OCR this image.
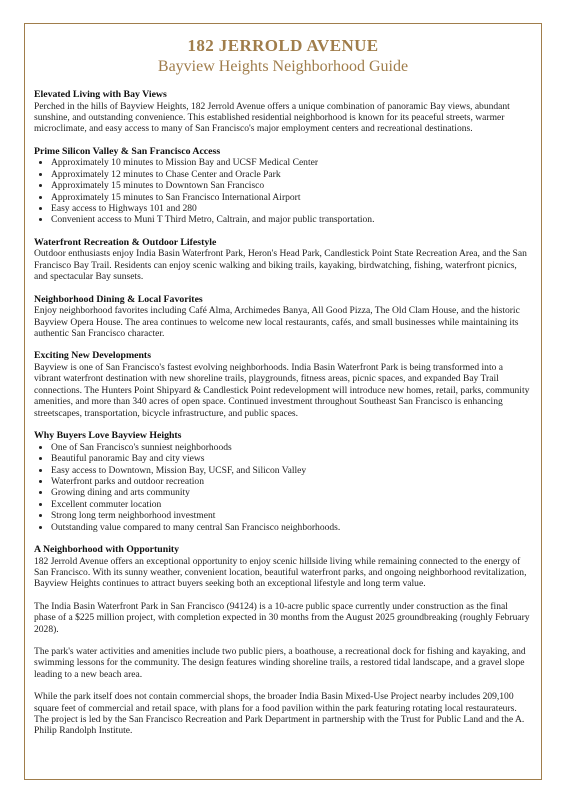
182 JERROLD AVENUE
Bayview Heights Neighborhood Guide
Elevated Living with Bay Views

Perched in the hills of Bayview Heights, 182 Jerrold Avenue offers a unique combination of panoramic Bay views, abundant sunshine, and outstanding convenience. This established residential neighborhood is known for its peaceful streets, warmer microclimate, and easy access to many of San Francisco's major employment centers and recreational destinations.

Prime Silicon Valley & San Francisco Access
• Approximately 10 minutes to Mission Bay and UCSF Medical Center
• Approximately 12 minutes to Chase Center and Oracle Park
• Approximately 15 minutes to Downtown San Francisco
• Approximately 15 minutes to San Francisco International Airport
• Easy access to Highways 101 and 280
• Convenient access to Muni T Third Metro, Caltrain, and major public transportation.
Waterfront Recreation & Outdoor Lifestyle

Outdoor enthusiasts enjoy India Basin Waterfront Park, Heron's Head Park, Candlestick Point State Recreation Area, and the San Francisco Bay Trail. Residents can enjoy scenic walking and biking trails, kayaking, birdwatching, fishing, waterfront picnics, and spectacular Bay sunsets.

Neighborhood Dining & Local Favorites

Enjoy neighborhood favorites including Café Alma, Archimedes Banya, All Good Pizza, The Old Clam House, and the historic Bayview Opera House. The area continues to welcome new local restaurants, cafés, and small businesses while maintaining its authentic San Francisco character.

Exciting New Developments

Bayview is one of San Francisco's fastest evolving neighborhoods. India Basin Waterfront Park is being transformed into a vibrant waterfront destination with new shoreline trails, playgrounds, fitness areas, picnic spaces, and expanded Bay Trail connections. The Hunters Point Shipyard & Candlestick Point redevelopment will introduce new homes, retail, parks, community amenities, and more than 340 acres of open space. Continued investment throughout Southeast San Francisco is enhancing streetscapes, transportation, bicycle infrastructure, and public spaces.

Why Buyers Love Bayview Heights
• One of San Francisco's sunniest neighborhoods
• Beautiful panoramic Bay and city views
• Easy access to Downtown, Mission Bay, UCSF, and Silicon Valley
• Waterfront parks and outdoor recreation
• Growing dining and arts community
• Excellent commuter location
• Strong long term neighborhood investment
• Outstanding value compared to many central San Francisco neighborhoods.
A Neighborhood with Opportunity

182 Jerrold Avenue offers an exceptional opportunity to enjoy scenic hillside living while remaining connected to the energy of San Francisco. With its sunny weather, convenient location, beautiful waterfront parks, and ongoing neighborhood revitalization, Bayview Heights continues to attract buyers seeking both an exceptional lifestyle and long term value.

The India Basin Waterfront Park in San Francisco (94124) is a 10-acre public space currently under construction as the final phase of a $225 million project, with completion expected in 30 months from the August 2025 groundbreaking (roughly February 2028).

The park's water activities and amenities include two public piers, a boathouse, a recreational dock for fishing and kayaking, and swimming lessons for the community. The design features winding shoreline trails, a restored tidal landscape, and a gravel slope leading to a new beach area.

While the park itself does not contain commercial shops, the broader India Basin Mixed-Use Project nearby includes 209,100 square feet of commercial and retail space, with plans for a food pavilion within the park featuring rotating local restaurateurs. The project is led by the San Francisco Recreation and Park Department in partnership with the Trust for Public Land and the A. Philip Randolph Institute.
